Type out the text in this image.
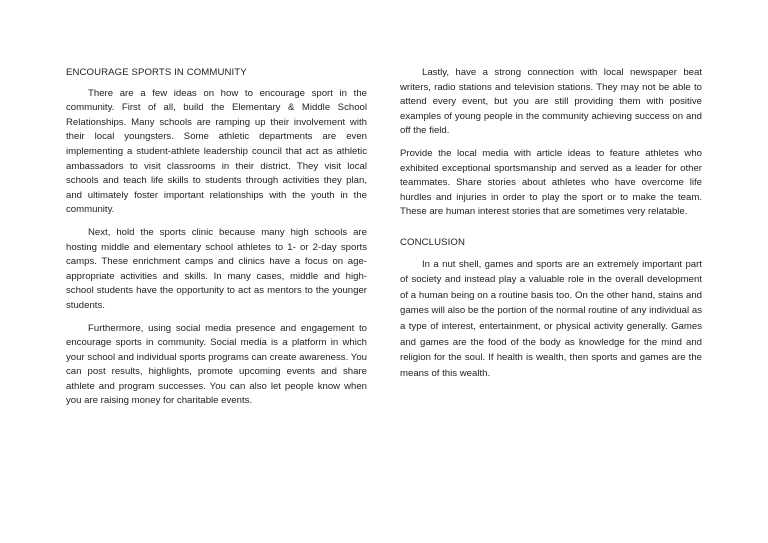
ENCOURAGE SPORTS IN COMMUNITY

There are a few ideas on how to encourage sport in the community. First of all, build the Elementary & Middle School Relationships. Many schools are ramping up their involvement with their local youngsters. Some athletic departments are even implementing a student-athlete leadership council that act as athletic ambassadors to visit classrooms in their district. They visit local schools and teach life skills to students through activities they plan, and ultimately foster important relationships with the youth in the community.

Next, hold the sports clinic because many high schools are hosting middle and elementary school athletes to 1- or 2-day sports camps. These enrichment camps and clinics have a focus on age-appropriate activities and skills. In many cases, middle and high-school students have the opportunity to act as mentors to the younger students.

Furthermore, using social media presence and engagement to encourage sports in community. Social media is a platform in which your school and individual sports programs can create awareness. You can post results, highlights, promote upcoming events and share athlete and program successes. You can also let people know when you are raising money for charitable events.

Lastly, have a strong connection with local newspaper beat writers, radio stations and television stations. They may not be able to attend every event, but you are still providing them with positive examples of young people in the community achieving success on and off the field.

Provide the local media with article ideas to feature athletes who exhibited exceptional sportsmanship and served as a leader for other teammates. Share stories about athletes who have overcome life hurdles and injuries in order to play the sport or to make the team. These are human interest stories that are sometimes very relatable.

CONCLUSION

In a nut shell, games and sports are an extremely important part of society and instead play a valuable role in the overall development of a human being on a routine basis too. On the other hand, stains and games will also be the portion of the normal routine of any individual as a type of interest, entertainment, or physical activity generally. Games and games are the food of the body as knowledge for the mind and religion for the soul. If health is wealth, then sports and games are the means of this wealth.
